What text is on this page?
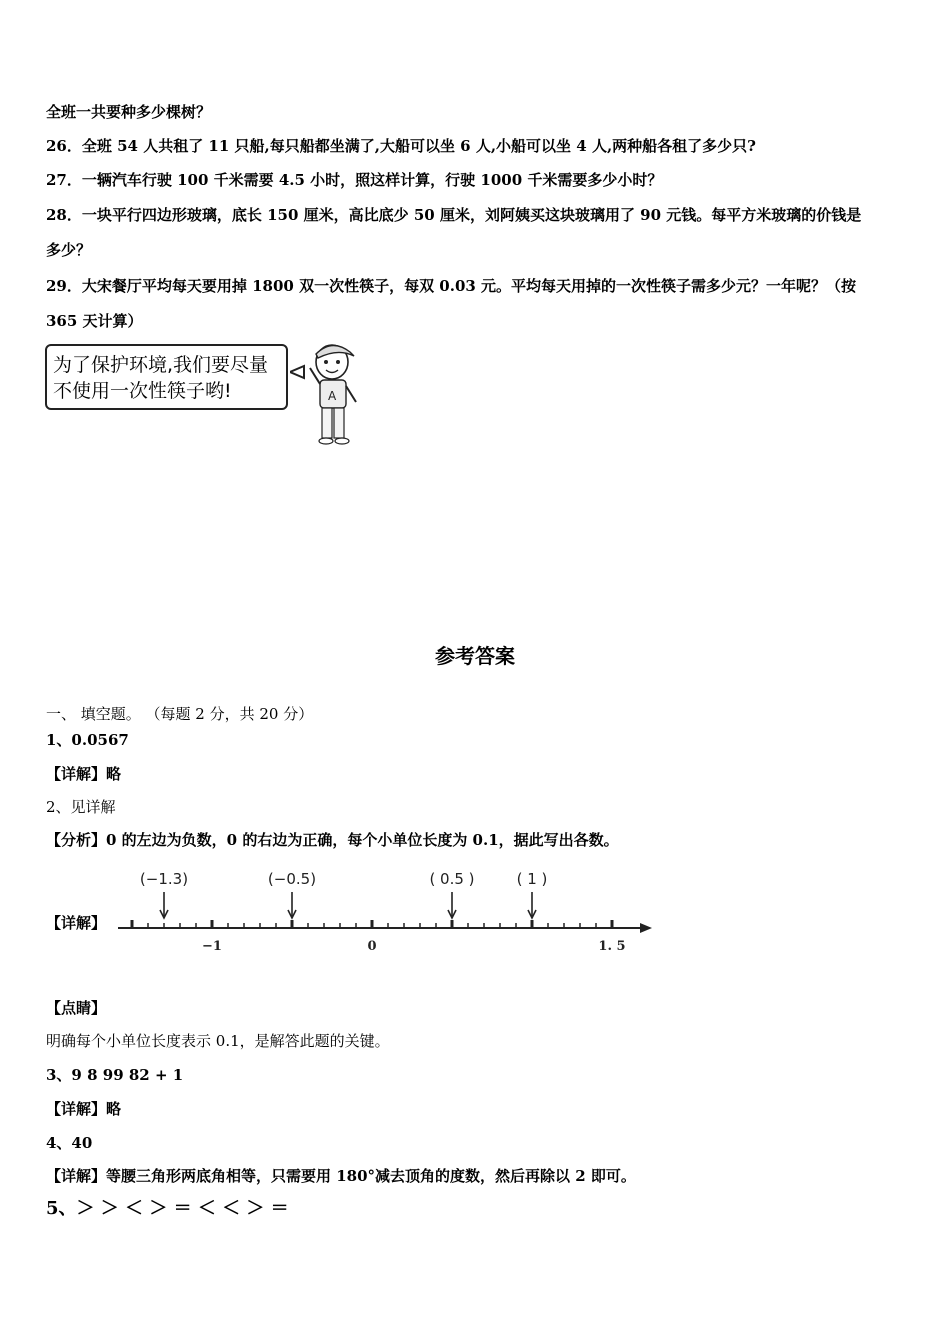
全班一共要种多少棵树？
26．全班 54 人共租了 11 只船,每只船都坐满了,大船可以坐 6 人,小船可以坐 4 人,两种船各租了多少只?
27．一辆汽车行驶 100 千米需要 4.5 小时，照这样计算，行驶 1000 千米需要多少小时？
28．一块平行四边形玻璃，底长 150 厘米，高比底少 50 厘米，刘阿姨买这块玻璃用了 90 元钱。每平方米玻璃的价钱是
多少？
29．大宋餐厅平均每天要用掉 1800 双一次性筷子，每双 0.03 元。平均每天用掉的一次性筷子需多少元？一年呢？（按
365 天计算）
为了保护环境,我们要尽量
不使用一次性筷子哟!	A
参考答案
一、 填空题。 （每题 2 分，共 20 分）
1、0.0567
【详解】略
2、见详解
【分析】0 的左边为负数，0 的右边为正确，每个小单位长度为 0.1，据此写出各数。
【详解】
−1	0	1. 5
(−1.3)	(−0.5)	( 0.5 )	( 1 )
【点睛】
明确每个小单位长度表示 0.1，是解答此题的关键。
3、9 8 99 82 + 1
【详解】略
4、40
【详解】等腰三角形两底角相等，只需要用 180°减去顶角的度数，然后再除以 2 即可。
5、＞ ＞ ＜ ＞ ＝ ＜ ＜ ＞ ＝
